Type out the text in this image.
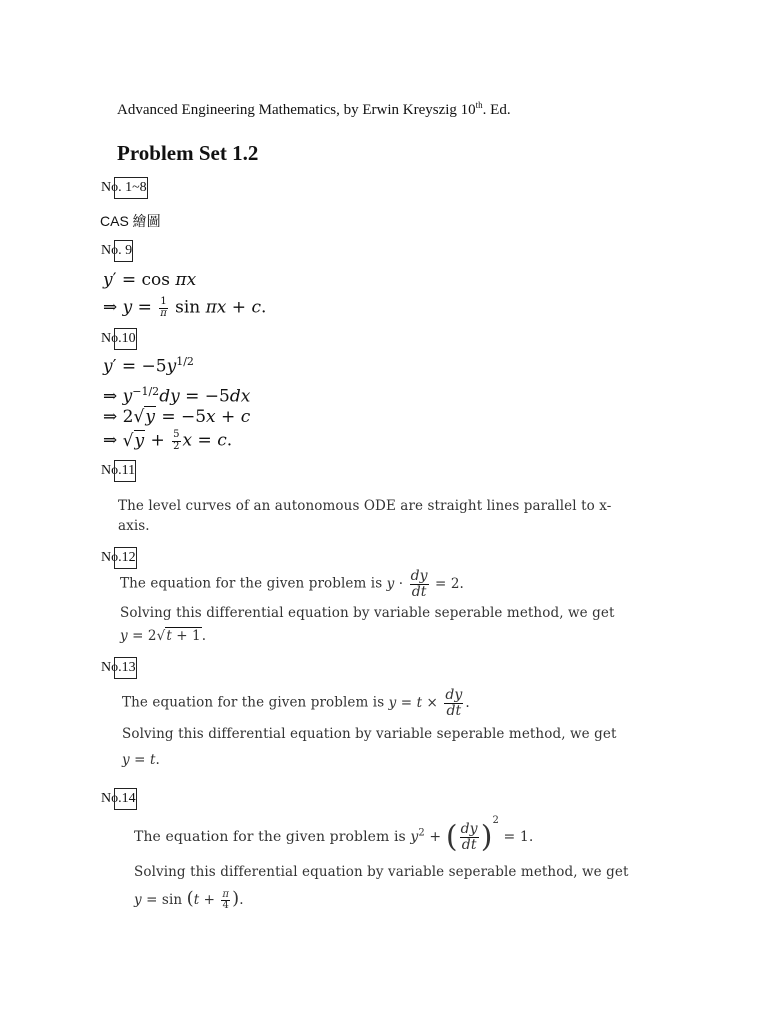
Advanced Engineering Mathematics, by Erwin Kreyszig 10th. Ed.
Problem Set 1.2
No. 1~8
CAS 繪圖
No. 9
y′ = cos πx
⇒ $y = \frac{1}{\pi}$ sin πx + c.
No.10
$y' = -5y^{1/2}$
⇒ $y^{-1/2}dy = -5dx$
⇒ 2√y = −5x + c
⇒ $√y + \frac{5}{2}$ x = c.
No.11
The level curves of an autonomous ODE are straight lines parallel to x-
axis.
No.12
The equation for the given problem is $y \cdot \frac{dy}{dt} = 2$.
Solving this differential equation by variable seperable method, we get
y = 2√t + 1.
No.13
The equation for the given problem is $y = t \times \frac{dy}{dt}$ .
Solving this differential equation by variable seperable method, we get
y = t.
No.14
The equation for the given problem is $y^2$ + ( $\frac{dy}{dt} )^2 = 1$.
Solving this differential equation by variable seperable method, we get
$y = \sin (t + \frac{\pi}{4}$ ).
